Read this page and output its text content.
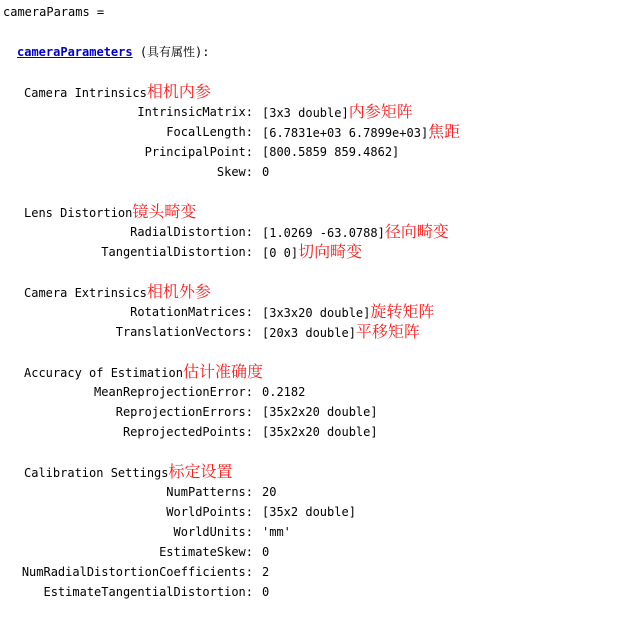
cameraParams =
cameraParameters (具有属性):
Camera Intrinsics相机内参
IntrinsicMatrix: [3x3 double]内参矩阵
FocalLength: [6.7831e+03 6.7899e+03]焦距
PrincipalPoint: [800.5859 859.4862]
Skew: 0
Lens Distortion镜头畸变
RadialDistortion: [1.0269 -63.0788]径向畸变
TangentialDistortion: [0 0]切向畸变
Camera Extrinsics相机外参
RotationMatrices: [3x3x20 double]旋转矩阵
TranslationVectors: [20x3 double]平移矩阵
Accuracy of Estimation估计准确度
MeanReprojectionError: 0.2182
ReprojectionErrors: [35x2x20 double]
ReprojectedPoints: [35x2x20 double]
Calibration Settings标定设置
NumPatterns: 20
WorldPoints: [35x2 double]
WorldUnits: 'mm'
EstimateSkew: 0
NumRadialDistortionCoefficients: 2
EstimateTangentialDistortion: 0
